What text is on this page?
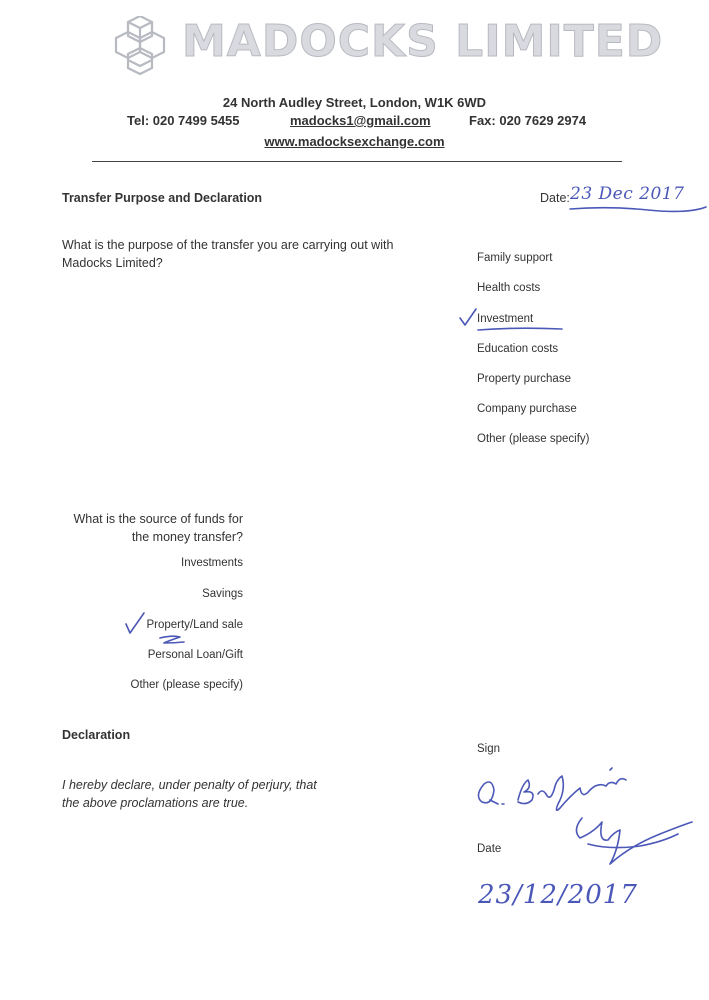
MADOCKS LIMITED
24 North Audley Street, London, W1K 6WD
Tel: 020 7499 5455	madocks1@gmail.com	Fax: 020 7629 2974
www.madocksexchange.com
Transfer Purpose and Declaration	Date: 23 Dec 2017
What is the purpose of the transfer you are carrying out with Madocks Limited?	Family support
Health costs
Investment
Education costs
Property purchase
Company purchase
Other (please specify)
What is the source of funds for the money transfer?
Investments
Savings
Property/Land sale
Personal Loan/Gift
Other (please specify)
Declaration
I hereby declare, under penalty of perjury, that the above proclamations are true.
Sign
Date
23/12/2017
